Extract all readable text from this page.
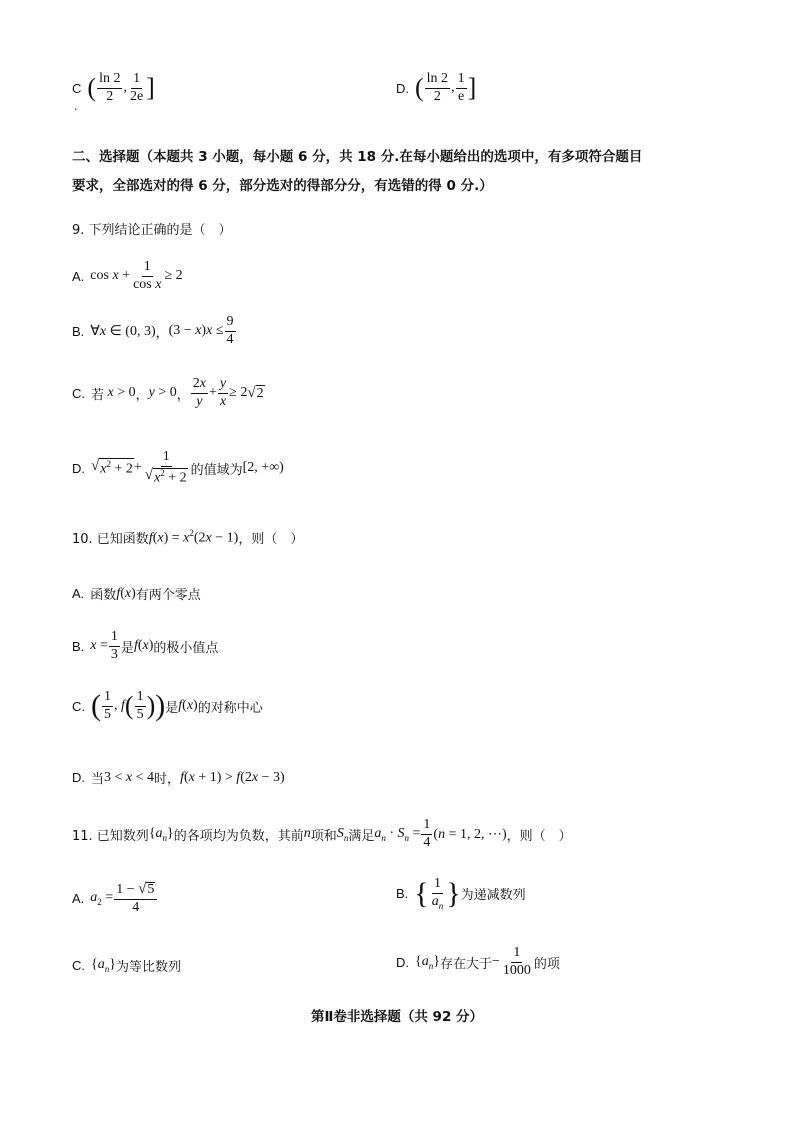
C ( $\frac{\ln 2}{2}$ , $\frac{1}{2e}$ ]
.
D. ( $\frac{\ln 2}{2}$ , $\frac{1}{e}$ ]
二、选择题（本题共 3 小题，每小题 6 分，共 18 分.在每小题给出的选项中，有多项符合题目
要求，全部选对的得 6 分，部分选对的得部分分，有选错的得 0 分.）
9. 下列结论正确的是（　）
A. $\cos x + \frac{1}{\text{cos x}} \ge 2$
B. ∀x ∈ (0, 3) ， $(3 - x)x \le \frac{9}{4}$
C. 若 x > 0 ， y > 0 ， $\frac{2x}{y} + \frac{y}{x} \ge 2$ √ 2
D. √ $x^2 + 2 + \frac{1}{√ x^2 + 2}$ 的值域为 [2, +∞)
10. 已知函数 $f(x) = x^2(2x - 1)$ ，则（　）
A. 函数 f(x) 有两个零点
B. $x = \frac{1}{3}$ 是 f(x) 的极小值点
C. ( $\frac{1}{5}$ , f ( $\frac{1}{5}$ ) ) 是 f(x) 的对称中心
D. 当 3 < x < 4 时， f(x + 1) > f(2x − 3)
11. 已知数列 $\{a_n\}$ 的各项均为负数，其前 n 项和 $S_n$ 满足 $a_n \cdot S_n = \frac{1}{4} (n = 1$, 2, ⋯) ，则（　）
A. $a_2 = \frac{1 - √ 5}{4}$	B. { $\frac{1}{a_n}$ } 为递减数列
C. $\{a_n\}$ 为等比数列	D. $\{a_n\}$ 存在大于 − $\frac{1}{1000}$ 的项
第Ⅱ卷非选择题（共 92 分）
